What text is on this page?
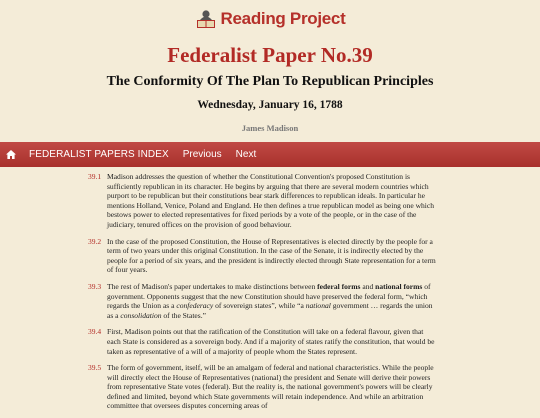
Reading Project
Federalist Paper No.39
The Conformity Of The Plan To Republican Principles
Wednesday, January 16, 1788
James Madison
FEDERALIST PAPERS INDEX	Previous	Next
39.1 Madison addresses the question of whether the Constitutional Convention's proposed Constitution is sufficiently republican in its character. He begins by arguing that there are several modern countries which purport to be republican but their constitutions bear stark differences to republican ideals. In particular he mentions Holland, Venice, Poland and England. He then defines a true republican model as being one which bestows power to elected representatives for fixed periods by a vote of the people, or in the case of the judiciary, tenured offices on the provision of good behaviour.
39.2 In the case of the proposed Constitution, the House of Representatives is elected directly by the people for a term of two years under this original Constitution. In the case of the Senate, it is indirectly elected by the people for a period of six years, and the president is indirectly elected through State representation for a term of four years.
39.3 The rest of Madison's paper undertakes to make distinctions between federal forms and national forms of government. Opponents suggest that the new Constitution should have preserved the federal form, “which regards the Union as a confederacy of sovereign states”, while “a national government … regards the union as a consolidation of the States.”
39.4 First, Madison points out that the ratification of the Constitution will take on a federal flavour, given that each State is considered as a sovereign body. And if a majority of states ratify the constitution, that would be taken as representative of a will of a majority of people whom the States represent.
39.5 The form of government, itself, will be an amalgam of federal and national characteristics. While the people will directly elect the House of Representatives (national) the president and Senate will derive their powers from representative State votes (federal). But the reality is, the national government's powers will be clearly defined and limited, beyond which State governments will retain independence. And while an arbitration committee that oversees disputes concerning areas of
